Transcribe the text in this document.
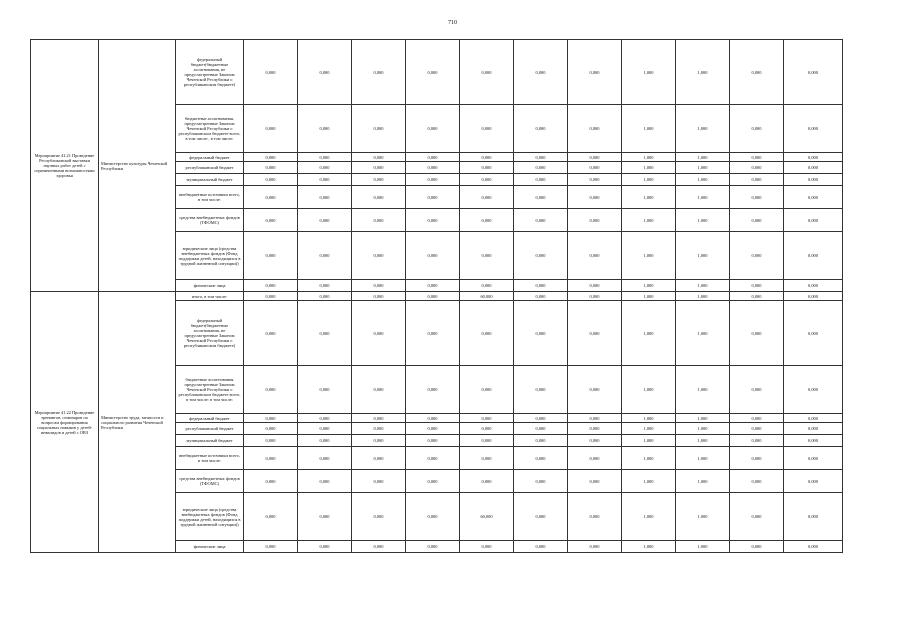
710
Мероприятие 41.21 Проведение Республиканской выставки научных работ детей с ограниченными возможностями здоровья	Министерство культуры Чеченской Республики	федеральный бюджет(бюджетные ассигнования, не предусмотренные Законом Чеченской Республики о республиканском бюджете)	0,000	0,000	0,000	0,000	0,000	0,000	0,000	1,000	1,000	0,000	0,000
		бюджетные ассигнования, предусмотренные Законом Чеченской Республики о республиканском бюджете всего, в том числе:, в том числе:	0,000	0,000	0,000	0,000	0,000	0,000	0,000	1,000	1,000	0,000	0,000
		федеральный бюджет	0,000	0,000	0,000	0,000	0,000	0,000	0,000	1,000	1,000	0,000	0,000
		республиканский бюджет	0,000	0,000	0,000	0,000	0,000	0,000	0,000	1,000	1,000	0,000	0,000
		муниципальный бюджет	0,000	0,000	0,000	0,000	0,000	0,000	0,000	1,000	1,000	0,000	0,000
		внебюджетные источники всего, в том числе:	0,000	0,000	0,000	0,000	0,000	0,000	0,000	1,000	1,000	0,000	0,000
		средства внебюджетных фондов (ТФОМС)	0,000	0,000	0,000	0,000	0,000	0,000	0,000	1,000	1,000	0,000	0,000
		юридические лица (средства внебюджетных фондов (Фонд поддержки детей, находящихся в трудной жизненной ситуации))	0,000	0,000	0,000	0,000	0,000	0,000	0,000	1,000	1,000	0,000	0,000
		физические лица	0,000	0,000	0,000	0,000	0,000	0,000	0,000	1,000	1,000	0,000	0,000
Мероприятие 41.22 Проведение тренингов, семинаров по вопросам формирования социальных навыков у детей-инвалидов и детей с ОВЗ	Министерство труда, занятости и социального развития Чеченской Республики	итого, в том числе:	0,000	0,000	0,000	0,000	60,000	0,000	0,000	1,000	1,000	0,000	0,000
		федеральный бюджет(бюджетные ассигнования, не предусмотренные Законом Чеченской Республики о республиканском бюджете)	0,000	0,000	0,000	0,000	0,000	0,000	0,000	1,000	1,000	0,000	0,000
		бюджетные ассигнования предусмотренные Законом Чеченской Республики о республиканском бюджете всего, в том числе: в том числе:	0,000	0,000	0,000	0,000	0,000	0,000	0,000	1,000	1,000	0,000	0,000
		федеральный бюджет	0,000	0,000	0,000	0,000	0,000	0,000	0,000	1,000	1,000	0,000	0,000
		республиканский бюджет	0,000	0,000	0,000	0,000	0,000	0,000	0,000	1,000	1,000	0,000	0,000
		муниципальный бюджет	0,000	0,000	0,000	0,000	0,000	0,000	0,000	1,000	1,000	0,000	0,000
		внебюджетные источники всего, в том числе:	0,000	0,000	0,000	0,000	0,000	0,000	0,000	1,000	1,000	0,000	0,000
		средства внебюджетных фондов (ТФОМС)	0,000	0,000	0,000	0,000	0,000	0,000	0,000	1,000	1,000	0,000	0,000
		юридические лица (средства внебюджетных фондов (Фонд поддержки детей, находящихся в трудной жизненной ситуации))	0,000	0,000	0,000	0,000	60,000	0,000	0,000	1,000	1,000	0,000	0,000
		физические лица	0,000	0,000	0,000	0,000	0,000	0,000	0,000	1,000	1,000	0,000	0,000
